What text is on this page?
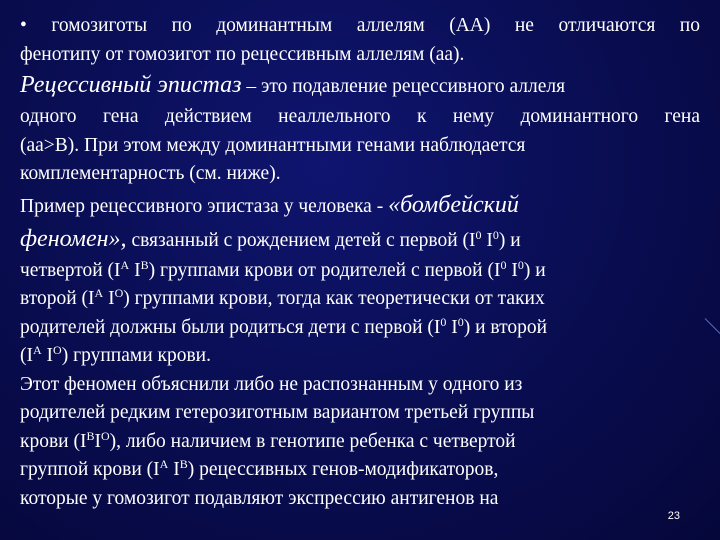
• гомозиготы по доминантным аллелям (АА) не отличаются по
фенотипу от гомозигот по рецессивным аллелям (аа).
Рецессивный эпистаз – это подавление рецессивного аллеля
одного гена действием неаллельного к нему доминантного гена
(аа>В). При этом между доминантными генами наблюдается
комплементарность (см. ниже).
Пример рецессивного эпистаза у человека - «бомбейский
феномен», связанный с рождением детей с первой ($I^0$ $I^0$) и
четвертой ($I^A$ $I^B$) группами крови от родителей с первой ($I^0$ $I^0$) и
второй ($I^A$ $I^O$) группами крови, тогда как теоретически от таких
родителей должны были родиться дети с первой ($I^0$ $I^0$) и второй
($I^A$ $I^O$) группами крови.
Этот феномен объяснили либо не распознанным у одного из
родителей редким гетерозиготным вариантом третьей группы
крови $(I^BI^O)$, либо наличием в генотипе ребенка с четвертой
группой крови ($I^A$ $I^B$) рецессивных генов-модификаторов,
которые у гомозигот подавляют экспрессию антигенов на
23
